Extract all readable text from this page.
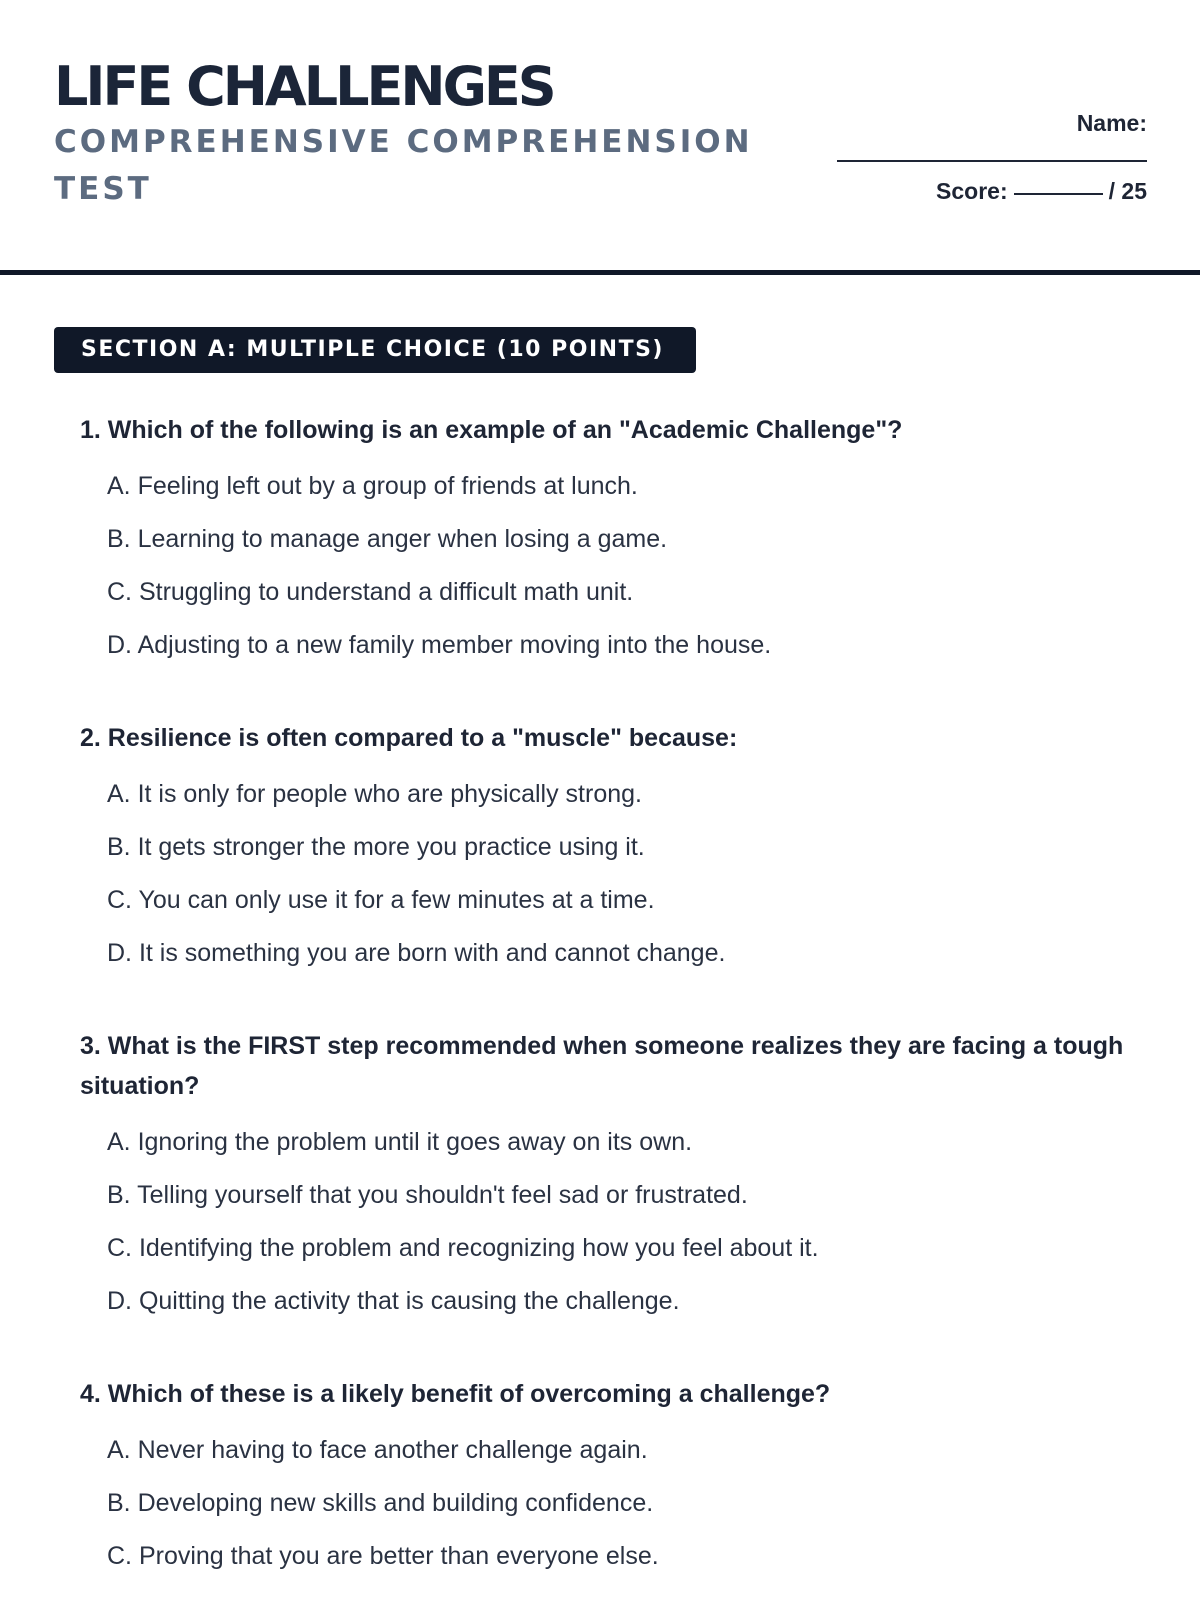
LIFE CHALLENGES
COMPREHENSIVE COMPREHENSION TEST
Name:
Score:	/ 25
SECTION A: MULTIPLE CHOICE (10 POINTS)

1. Which of the following is an example of an "Academic Challenge"?

A. Feeling left out by a group of friends at lunch.
B. Learning to manage anger when losing a game.
C. Struggling to understand a difficult math unit.
D. Adjusting to a new family member moving into the house.

2. Resilience is often compared to a "muscle" because:

A. It is only for people who are physically strong.
B. It gets stronger the more you practice using it.
C. You can only use it for a few minutes at a time.
D. It is something you are born with and cannot change.

3. What is the FIRST step recommended when someone realizes they are facing a tough situation?

A. Ignoring the problem until it goes away on its own.
B. Telling yourself that you shouldn't feel sad or frustrated.
C. Identifying the problem and recognizing how you feel about it.
D. Quitting the activity that is causing the challenge.

4. Which of these is a likely benefit of overcoming a challenge?

A. Never having to face another challenge again.
B. Developing new skills and building confidence.
C. Proving that you are better than everyone else.
